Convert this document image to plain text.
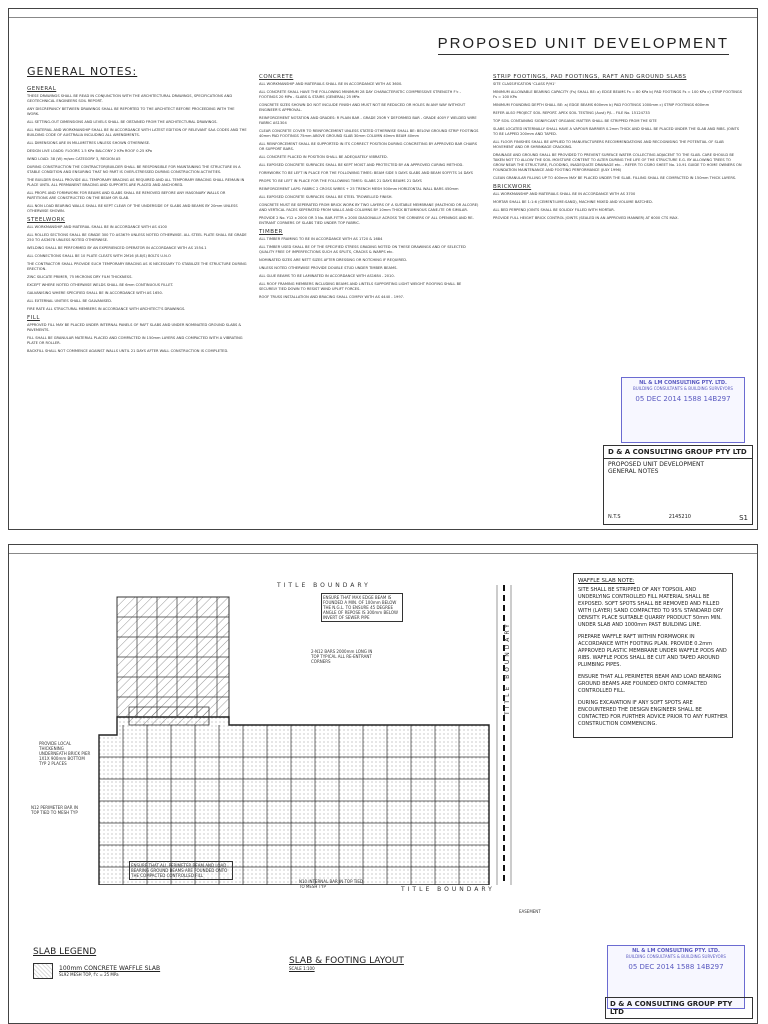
PROPOSED UNIT DEVELOPMENT
GENERAL NOTES:
GENERAL

THESE DRAWINGS SHALL BE READ IN CONJUNCTION WITH THE ARCHITECTURAL DRAWINGS, SPECIFICATIONS AND GEOTECHNICAL ENGINEERS SOIL REPORT.

ANY DISCREPANCY BETWEEN DRAWINGS SHALL BE REPORTED TO THE ARCHITECT BEFORE PROCEEDING WITH THE WORK.

ALL SETTING-OUT DIMENSIONS AND LEVELS SHALL BE OBTAINED FROM THE ARCHITECTURAL DRAWINGS.

ALL MATERIAL AND WORKMANSHIP SHALL BE IN ACCORDANCE WITH LATEST EDITION OF RELEVANT SAA CODES AND THE BUILDING CODE OF AUSTRALIA INCLUDING ALL AMENDMENTS.

ALL DIMENSIONS ARE IN MILLIMETRES UNLESS SHOWN OTHERWISE.

DESIGN LIVE LOADS: FLOORS 1.5 KPa BALCONY 2 KPa ROOF 0.25 KPa

WIND LOAD: 38 (W) m/sec CATEGORY 3, REGION A5

DURING CONSTRUCTION THE CONTRACTOR/BUILDER SHALL BE RESPONSIBLE FOR MAINTAINING THE STRUCTURE IN A STABLE CONDITION AND ENSURING THAT NO PART IS OVER-STRESSED DURING CONSTRUCTION ACTIVITIES.

THE BUILDER SHALL PROVIDE ALL TEMPORARY BRACING AS REQUIRED AND ALL TEMPORARY BRACING SHALL REMAIN IN PLACE UNTIL ALL PERMANENT BRACING AND SUPPORTS ARE PLACED AND ANCHORED.

ALL PROPS AND FORMWORK FOR BEAMS AND SLABS SHALL BE REMOVED BEFORE ANY MASONARY WALLS OR PARTITIONS ARE CONSTRUCTED ON THE BEAM OR SLAB.

ALL NON LOAD BEARING WALLS SHALL BE KEPT CLEAR OF THE UNDERSIDE OF SLABS AND BEAMS BY 20mm UNLESS OTHERWISE SHOWN.

STEELWORK

ALL WORKMANSHIP AND MATERIAL SHALL BE IN ACCORDANCE WITH AS 4100

ALL ROLLED SECTIONS SHALL BE GRADE 300 TO AS3679 UNLESS NOTED OTHERWISE. ALL STEEL PLATE SHALL BE GRADE 250 TO AS3678 UNLESS NOTED OTHERWISE.

WELDING SHALL BE PERFORMED BY AN EXPERIENCED OPERATOR IN ACCORDANCE WITH AS 1554.1

ALL CONNECTIONS SHALL BE 10 PLATE CLEATS WITH 2M16 (8.8/S) BOLTS U.N.O

THE CONTRACTOR SHALL PROVIDE SUCH TEMPORARY BRACING AS IS NECESSARY TO STABILIZE THE STRUCTURE DURING ERECTION.

ZINC SILICATE PRIMER, 75 MICRONS DRY FILM THICKNESS.

EXCEPT WHERE NOTED OTHERWISE WELDS SHALL BE 6mm CONTINUOUS FILLET.

GALVANISING WHERE SPECIFIED SHALL BE IN ACCORDANCE WITH AS 1650.

ALL EXTERNAL UNITIES SHALL BE GALVANISED.

FIRE RATE ALL STRUCTURAL MEMBERS IN ACCORDANCE WITH ARCHITECT'S DRAWINGS.

FILL

APPROVED FILL MAY BE PLACED UNDER INTERNAL PANELS OF RAFT SLABS AND UNDER NOMINATED GROUND SLABS & PAVEMENTS.

FILL SHALL BE GRANULAR MATERIAL PLACED AND COMPACTED IN 150mm LAYERS AND COMPACTED WITH A VIBRATING PLATE OR ROLLER.

BACKFILL SHALL NOT COMMENCE AGAINST WALLS UNTIL 21 DAYS AFTER WALL CONSTRUCTION IS COMPLETED.

CONCRETE

ALL WORKMANSHIP AND MATERIALS SHALL BE IN ACCORDANCE WITH AS 3600.

ALL CONCRETE SHALL HAVE THE FOLLOWING MINIMUM 28 DAY CHARACTERISTIC COMPRESSIVE STRENGTH F'c - FOOTINGS 20 MPa - SLABS & STAIRS (GENERAL) 25 MPa

CONCRETE SIZES SHOWN DO NOT INCLUDE FINISH AND MUST NOT BE REDUCED OR HOLES IN ANY WAY WITHOUT ENGINEER'S APPROVAL.

REINFORCEMENT NOTATION AND GRADES: R PLAIN BAR - GRADE 250R Y DEFORMED BAR - GRADE 400Y F WELDED WIRE FABRIC AS1304

CLEAR CONCRETE COVER TO REINFORCEMENT UNLESS STATED OTHERWISE SHALL BE: BELOW GROUND STRIP FOOTINGS 40mm PAD FOOTINGS 75mm ABOVE GROUND SLAB 30mm COLUMN 40mm BEAM 40mm

ALL REINFORCEMENT SHALL BE SUPPORTED IN ITS CORRECT POSITION DURING CONCRETING BY APPROVED BAR CHAIRS OR SUPPORT BARS.

ALL CONCRETE PLACED IN POSITION SHALL BE ADEQUATELY VIBRATED.

ALL EXPOSED CONCRETE SURFACES SHALL BE KEPT MOIST AND PROTECTED BY AN APPROVED CURING METHOD.

FORMWORK TO BE LEFT IN PLACE FOR THE FOLLOWING TIMES: BEAM SIDE 5 DAYS SLABS AND BEAM SOFFITS 14 DAYS

PROPS TO BE LEFT IN PLACE FOR THE FOLLOWING TIMES: SLABS 21 DAYS BEAMS 21 DAYS

REINFORCEMENT LAPS: FABRIC 2 CROSS WIRES + 25 TRENCH MESH 500mm HORIZONTAL WALL BARS 450mm

ALL EXPOSED CONCRETE SURFACES SHALL BE STEEL TROWELLED FINISH.

CONCRETE MUST BE SEPERATED FROM BRICK WORK BY TWO LAYERS OF A SUITABLE MEMBRANE (MALTHOID OR ALCORE) AND VERTICAL FACES SEPERATED FROM WALLS AND COLUMNS BY 10mm THICK BITUMINOUS CANE-ITE OR SIMILAR.

PROVIDE 2 No. Y12 x 2000 OR 3 No. BAR-FITTR x 2000 DIAGONALLY ACROSS THE CORNERS OF ALL OPENINGS AND RE-ENTRANT CORNERS OF SLABS TIED UNDER TOP FABRIC.

TIMBER

ALL TIMBER FRAMING TO BE IN ACCORDANCE WITH AS 1720 & 1684

ALL TIMBER USED SHALL BE OF THE SPECIFIED STRESS GRADING NOTED ON THESE DRAWINGS AND OF SELECTED QUALITY FREE OF IMPERFECTIONS SUCH AS SPLITS, CRACKS & WARPS etc.

NOMINATED SIZES ARE NETT SIZES AFTER DRESSING OR NOTCHING IF REQUIRED.

UNLESS NOTED OTHERWISE PROVIDE DOUBLE STUD UNDER TIMBER BEAMS.

ALL GLUE BEAMS TO BE LAMINATED IN ACCORDANCE WITH AS1684 - 2010.

ALL ROOF FRAMING MEMBERS INCLUDING BEAMS AND LINTELS SUPPORTING LIGHT WEIGHT ROOFING SHALL BE SECURELY TIED DOWN TO RESIST WIND UPLIFT FORCES.

ROOF TRUSS INSTALLATION AND BRACING SHALL COMPLY WITH AS 4440 - 1997.

STRIP FOOTINGS, PAD FOOTINGS, RAFT AND GROUND SLABS

SITE CLASSIFICATION 'CLASS P/H1'

MINIMUM ALLOWABLE BEARING CAPACITY (Fs) SHALL BE: a) EDGE BEAMS Fs = 80 KPa b) PAD FOOTINGS Fs = 100 KPa c) STRIP FOOTINGS Fs = 100 KPa

MINIMUM FOUNDING DEPTH SHALL BE: a) EDGE BEAMS 600mm b) PAD FOOTINGS 1000mm c) STRIP FOOTINGS 600mm

REFER ALSO PROJECT SOIL REPORT. APEX SOIL TESTING (Aust) P/L - FILE No. 15124733

TOP SOIL CONTAINING SIGNIFICANT ORGANIC MATTER SHALL BE STRIPPED FROM THE SITE

SLABS LOCATED INTERNALLY SHALL HAVE A VAPOUR BARRIER 0.2mm THICK AND SHALL BE PLACED UNDER THE SLAB AND RIBS. JOINTS TO BE LAPPED 200mm AND TAPED.

ALL FLOOR FINISHES SHALL BE APPLIED TO MANUFACTURERS RECOMMENDATIONS AND RECOGNISING THE POTENTIAL OF SLAB MOVEMENT AND OR SHRINKAGE CRACKING.

DRAINAGE AND GROUND SHALL BE PROVIDED TO PREVENT SURFACE WATER COLLECTING ADJACENT TO THE SLAB. CARE SHOULD BE TAKEN NOT TO ALLOW THE SOIL MOISTURE CONTENT TO ALTER DURING THE LIFE OF THE STRUCTURE E.G. BY ALLOWING TREES TO GROW NEAR THE STRUCTURE, FLOODING, INADEQUATE DRAINAGE etc. - REFER TO CSIRO SHEET No. 10-91 GUIDE TO HOME OWNERS ON FOUNDATION MAINTENANCE AND FOOTING PERFORMANCE (JULY 1996)

CLEAN GRANULAR FILLING UP TO 400mm MAY BE PLACED UNDER THE SLAB. FILLING SHALL BE COMPACTED IN 150mm THICK LAYERS.

BRICKWORK

ALL WORKMANSHIP AND MATERIALS SHALL BE IN ACCORDANCE WITH AS 3700

MORTAR SHALL BE 1:1:6 (CEMENT:LIME:SAND), MACHINE MIXED AND VOLUME BATCHED.

ALL BED PERPEND JOINTS SHALL BE SOLIDLY FILLED WITH MORTAR.

PROVIDE FULL HEIGHT BRICK CONTROL JOINTS (SEALED IN AN APPROVED MANNER) AT 6000 CTS MAX.

NL & LM CONSULTING PTY. LTD.
BUILDING CONSULTANTS & BUILDING SURVEYORS
05 DEC 2014 1588 14B297
D & A CONSULTING GROUP PTY LTD
PROPOSED UNIT DEVELOPMENT
GENERAL NOTES
N.T.S	2145210	S1
TITLE BOUNDARY
TITLE BOUNDARY
TITLE BOUNDARY
ENSURE THAT MAX EDGE BEAM IS FOUNDED A MIN. OF 100mm BELOW THE N.G.L. TO ENSURE 45 DEGREE ANGLE OF REPOSE IS 300mm BELOW INVERT OF SEWER PIPE
2-N12 BARS 2000mm LONG IN TOP TYPICAL ALL RE-ENTRANT CORNERS
PROVIDE LOCAL THICKENING UNDERNEATH BRICK PIER 1X1X 900mm BOTTOM TYP 2 PLACES
N12 PERIMETER BAR IN TOP TIED TO MESH TYP
ENSURE THAT ALL PERIMETER BEAM AND LOAD BEARING GROUND BEAMS ARE FOUNDED ONTO THE COMPACTED CONTROLLED FILL
N10 INTERNAL BAR IN TOP TIED TO MESH TYP
EASEMENT
WAFFLE SLAB NOTE:

SITE SHALL BE STRIPPED OF ANY TOPSOIL AND UNDERLYING CONTROLLED FILL MATERIAL SHALL BE EXPOSED. SOFT SPOTS SHALL BE REMOVED AND FILLED WITH (LAYER) SAND COMPACTED TO 95% STANDARD DRY DENSITY. PLACE SUITABLE QUARRY PRODUCT 50mm MIN. UNDER SLAB AND 1000mm PAST BUILDING LINE.

PREPARE WAFFLE RAFT WITHIN FORMWORK IN ACCORDANCE WITH FOOTING PLAN. PROVIDE 0.2mm APPROVED PLASTIC MEMBRANE UNDER WAFFLE PODS AND RIBS. WAFFLE PODS SHALL BE CUT AND TAPED AROUND PLUMBING PIPES.

ENSURE THAT ALL PERIMETER BEAM AND LOAD BEARING GROUND BEAMS ARE FOUNDED ONTO COMPACTED CONTROLLED FILL.

DURING EXCAVATION IF ANY SOFT SPOTS ARE ENCOUNTERED THE DESIGN ENGINEER SHALL BE CONTACTED FOR FURTHER ADVICE PRIOR TO ANY FURTHER CONSTRUCTION COMMENCING.

SLAB LEGEND
100mm CONCRETE WAFFLE SLAB
SL92 MESH TOP, f'c = 25 MPa
SLAB & FOOTING LAYOUT
SCALE 1:100
NL & LM CONSULTING PTY. LTD.
BUILDING CONSULTANTS & BUILDING SURVEYORS
05 DEC 2014 1588 14B297
D & A CONSULTING GROUP PTY LTD
